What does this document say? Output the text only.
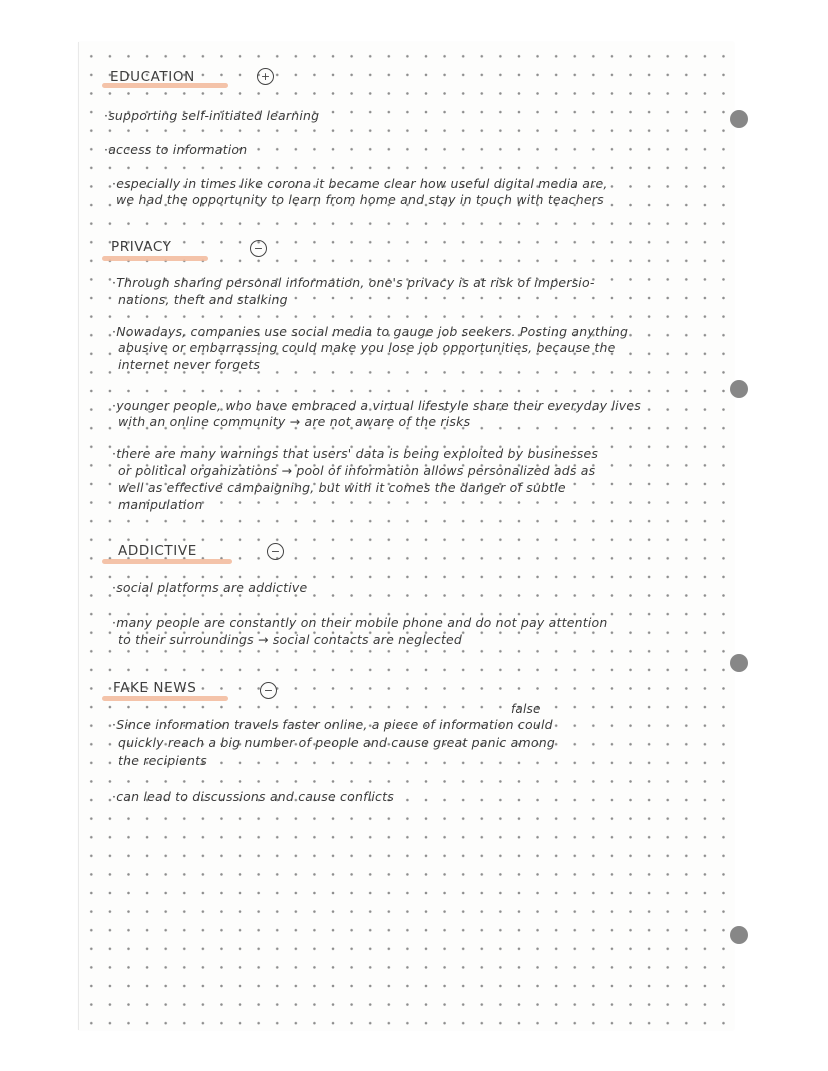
EDUCATION	+
·supporting self-initiated learning
·access to information
·especially in times like corona it became clear how useful digital media are,
we had the opportunity to learn from home and stay in touch with teachers
PRIVACY	−
·Through sharing personal information, one's privacy is at risk of impersio-
nations, theft and stalking
·Nowadays, companies use social media to gauge job seekers. Posting anything
abusive or embarrassing could make you lose job opportunities, because the
internet never forgets
·younger people, who have embraced a virtual lifestyle share their everyday lives
with an online community → are not aware of the risks
·there are many warnings that users' data is being exploited by businesses
or political organizations → pool of information allows personalized ads as
well as effective campaigning, but with it comes the danger of subtle
manipulation
ADDICTIVE	−
·social platforms are addictive
·many people are constantly on their mobile phone and do not pay attention
to their surroundings → social contacts are neglected
FAKE NEWS	−
false
·Since information travels faster online, a piece of information could
quickly reach a big number of people and cause great panic among
the recipients
·can lead to discussions and cause conflicts
